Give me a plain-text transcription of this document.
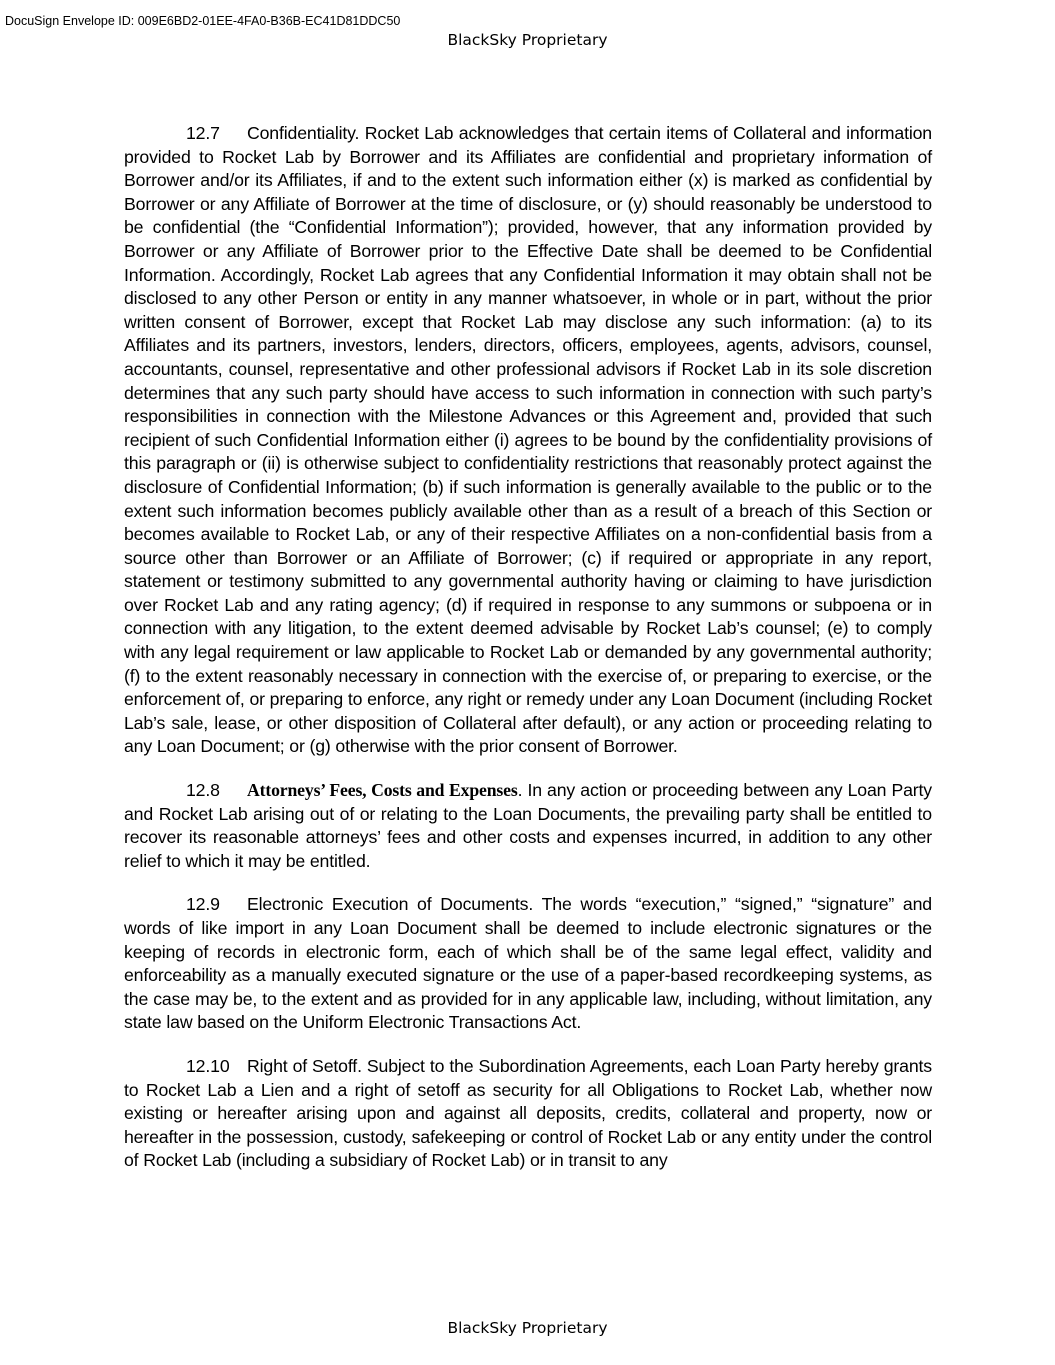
DocuSign Envelope ID: 009E6BD2-01EE-4FA0-B36B-EC41D81DDC50
BlackSky Proprietary

12.7 Confidentiality. Rocket Lab acknowledges that certain items of Collateral and information provided to Rocket Lab by Borrower and its Affiliates are confidential and proprietary information of Borrower and/or its Affiliates, if and to the extent such information either (x) is marked as confidential by Borrower or any Affiliate of Borrower at the time of disclosure, or (y) should reasonably be understood to be confidential (the “Confidential Information”); provided, however, that any information provided by Borrower or any Affiliate of Borrower prior to the Effective Date shall be deemed to be Confidential Information. Accordingly, Rocket Lab agrees that any Confidential Information it may obtain shall not be disclosed to any other Person or entity in any manner whatsoever, in whole or in part, without the prior written consent of Borrower, except that Rocket Lab may disclose any such information: (a) to its Affiliates and its partners, investors, lenders, directors, officers, employees, agents, advisors, counsel, accountants, counsel, representative and other professional advisors if Rocket Lab in its sole discretion determines that any such party should have access to such information in connection with such party’s responsibilities in connection with the Milestone Advances or this Agreement and, provided that such recipient of such Confidential Information either (i) agrees to be bound by the confidentiality provisions of this paragraph or (ii) is otherwise subject to confidentiality restrictions that reasonably protect against the disclosure of Confidential Information; (b) if such information is generally available to the public or to the extent such information becomes publicly available other than as a result of a breach of this Section or becomes available to Rocket Lab, or any of their respective Affiliates on a non-confidential basis from a source other than Borrower or an Affiliate of Borrower; (c) if required or appropriate in any report, statement or testimony submitted to any governmental authority having or claiming to have jurisdiction over Rocket Lab and any rating agency; (d) if required in response to any summons or subpoena or in connection with any litigation, to the extent deemed advisable by Rocket Lab’s counsel; (e) to comply with any legal requirement or law applicable to Rocket Lab or demanded by any governmental authority; (f) to the extent reasonably necessary in connection with the exercise of, or preparing to exercise, or the enforcement of, or preparing to enforce, any right or remedy under any Loan Document (including Rocket Lab’s sale, lease, or other disposition of Collateral after default), or any action or proceeding relating to any Loan Document; or (g) otherwise with the prior consent of Borrower.

12.8 Attorneys’ Fees, Costs and Expenses. In any action or proceeding between any Loan Party and Rocket Lab arising out of or relating to the Loan Documents, the prevailing party shall be entitled to recover its reasonable attorneys’ fees and other costs and expenses incurred, in addition to any other relief to which it may be entitled.

12.9 Electronic Execution of Documents. The words “execution,” “signed,” “signature” and words of like import in any Loan Document shall be deemed to include electronic signatures or the keeping of records in electronic form, each of which shall be of the same legal effect, validity and enforceability as a manually executed signature or the use of a paper-based recordkeeping systems, as the case may be, to the extent and as provided for in any applicable law, including, without limitation, any state law based on the Uniform Electronic Transactions Act.

12.10 Right of Setoff. Subject to the Subordination Agreements, each Loan Party hereby grants to Rocket Lab a Lien and a right of setoff as security for all Obligations to Rocket Lab, whether now existing or hereafter arising upon and against all deposits, credits, collateral and property, now or hereafter in the possession, custody, safekeeping or control of Rocket Lab or any entity under the control of Rocket Lab (including a subsidiary of Rocket Lab) or in transit to any

BlackSky Proprietary
